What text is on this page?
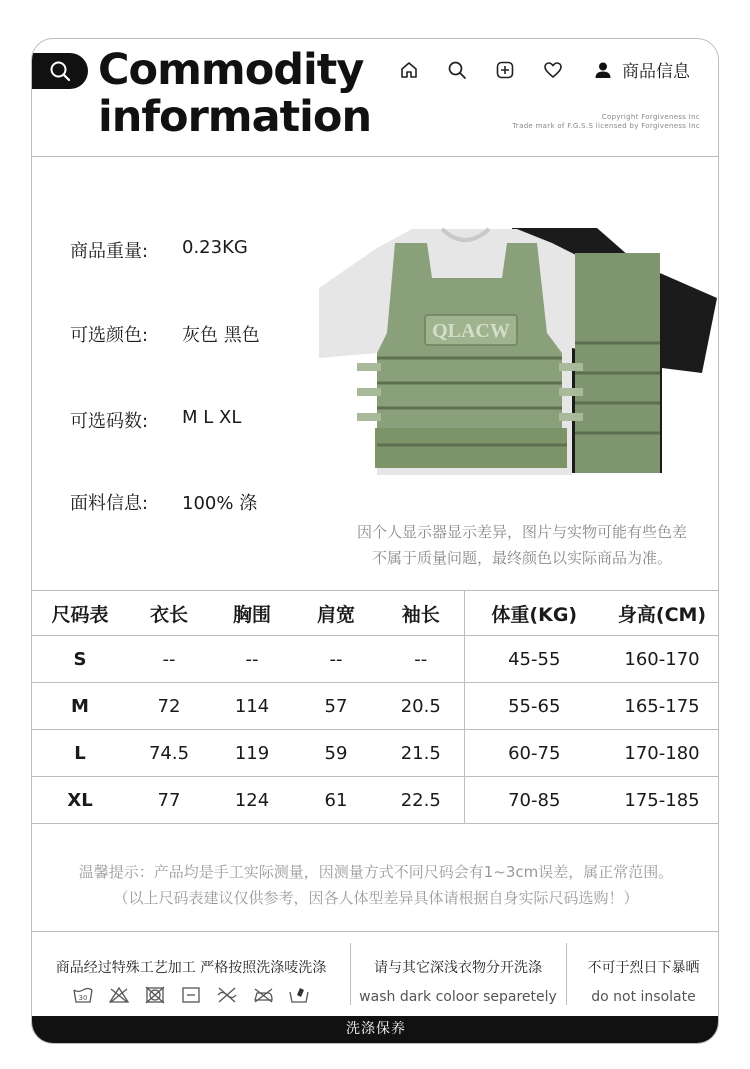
Commodity
information
商品信息
Copyright Forgiveness Inc
Trade mark of F.G.S.S licensed by Forgiveness Inc
商品重量:	0.23KG
可选颜色:	灰色 黑色
可选码数:	M L XL
面料信息:	100% 涤
QLACW
因个人显示器显示差异，图片与实物可能有些色差
不属于质量问题，最终颜色以实际商品为准。
尺码表	衣长	胸围	肩宽	袖长	体重(KG)	身高(CM)
S	--	--	--	--	45-55	160-170
M	72	114	57	20.5	55-65	165-175
L	74.5	119	59	21.5	60-75	170-180
XL	77	124	61	22.5	70-85	175-185
温馨提示：产品均是手工实际测量，因测量方式不同尺码会有1~3cm误差，属正常范围。
（以上尺码表建议仅供参考，因各人体型差异具体请根据自身实际尺码选购！）
商品经过特殊工艺加工 严格按照洗涤唛洗涤
30
请与其它深浅衣物分开洗涤
wash dark coloor separetely
不可于烈日下暴晒
do not insolate
洗涤保养
